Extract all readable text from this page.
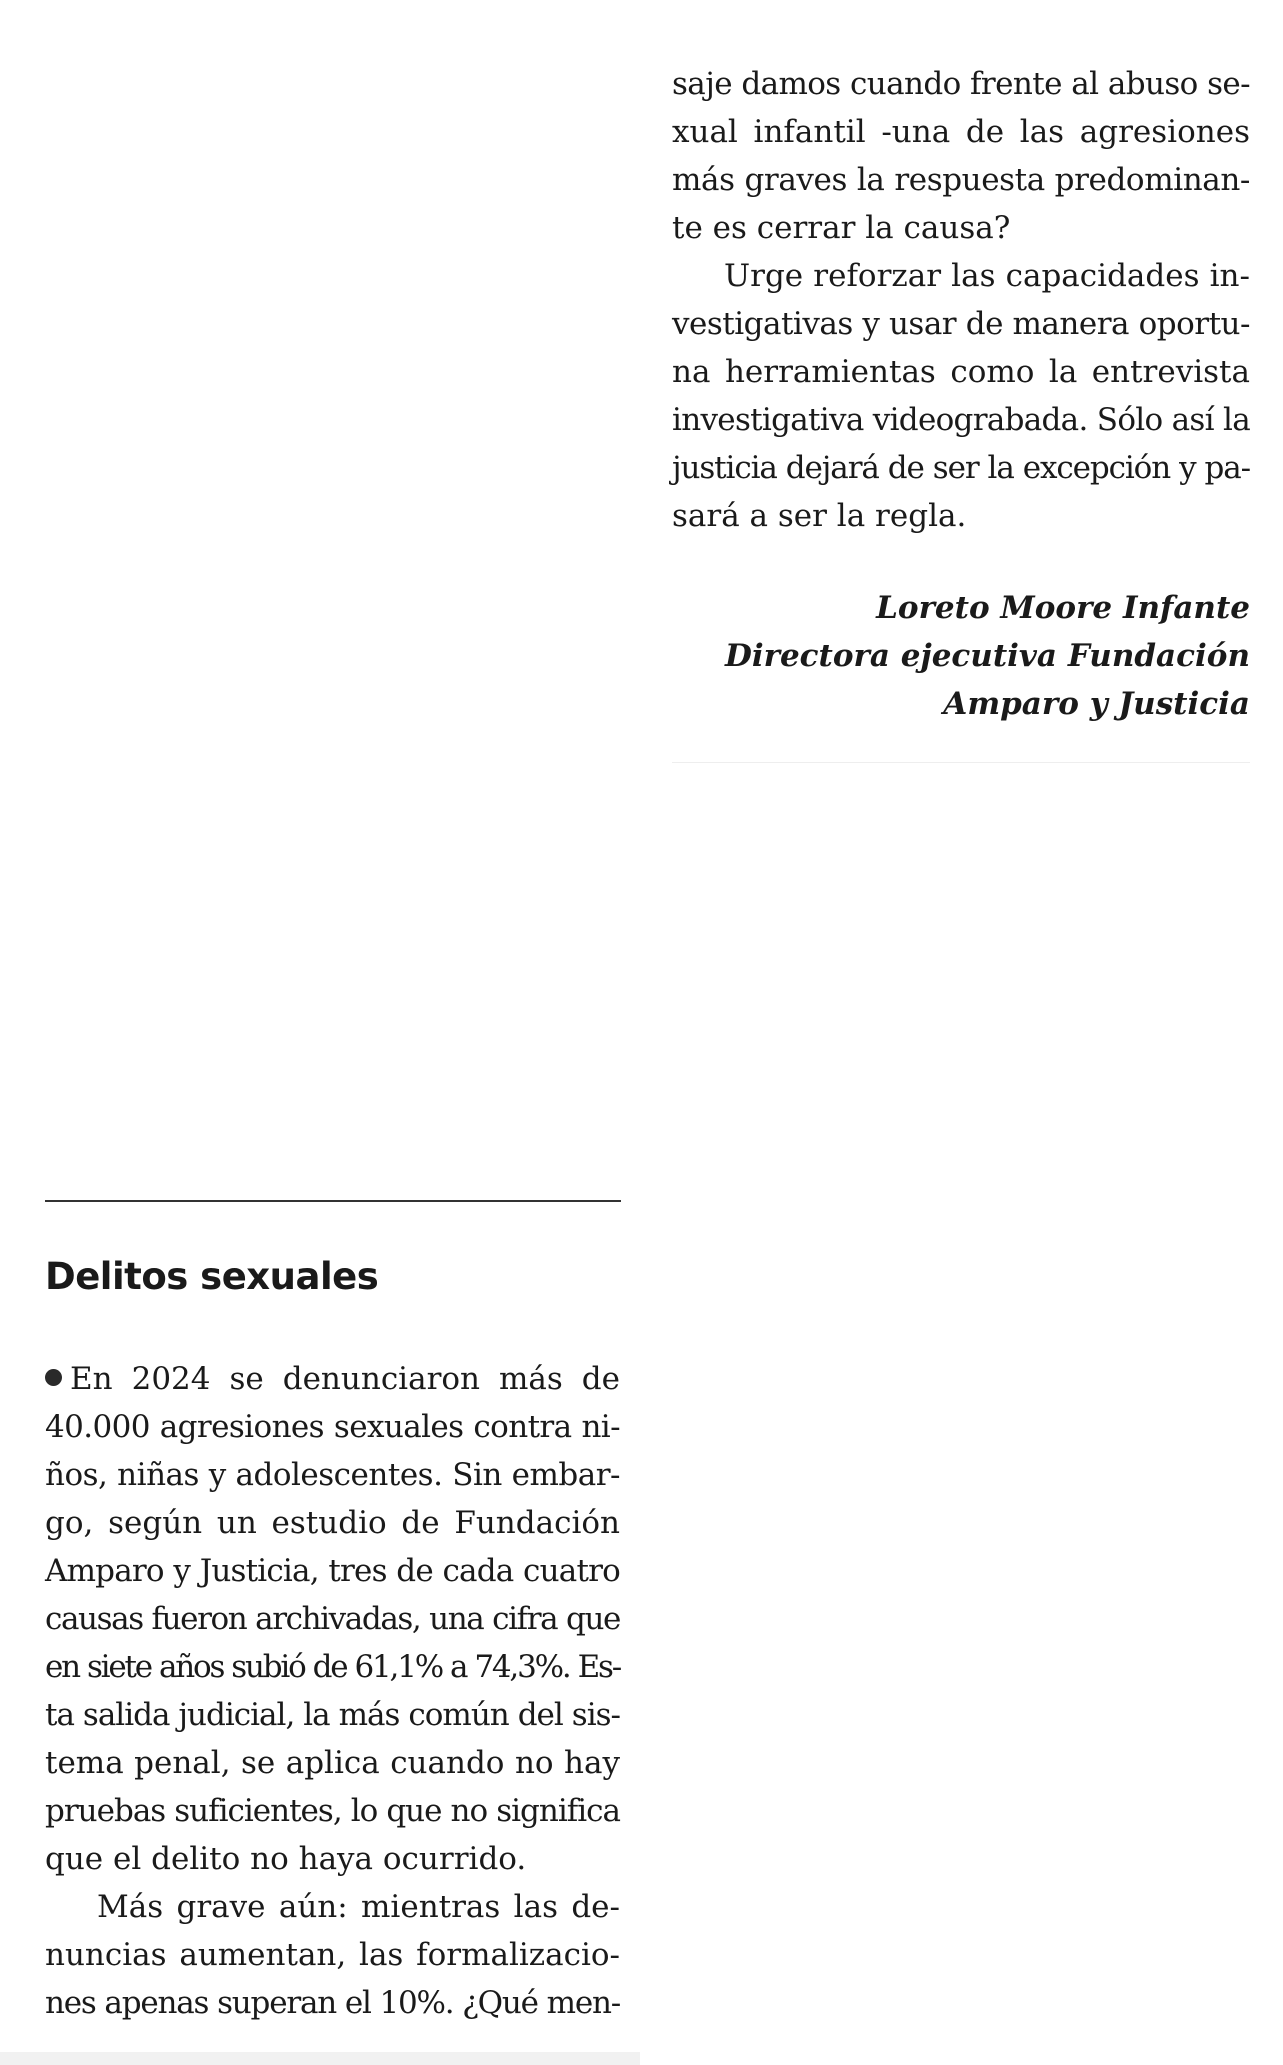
saje damos cuando frente al abuso se-
xual infantil -una de las agresiones
más graves la respuesta predominan-
te es cerrar la causa?
Urge reforzar las capacidades in-
vestigativas y usar de manera oportu-
na herramientas como la entrevista
investigativa videograbada. Sólo así la
justicia dejará de ser la excepción y pa-
sará a ser la regla.
Loreto Moore Infante
Directora ejecutiva Fundación
Amparo y Justicia
Delitos sexuales
En 2024 se denunciaron más de
40.000 agresiones sexuales contra ni-
ños, niñas y adolescentes. Sin embar-
go, según un estudio de Fundación
Amparo y Justicia, tres de cada cuatro
causas fueron archivadas, una cifra que
en siete años subió de 61,1% a 74,3%. Es-
ta salida judicial, la más común del sis-
tema penal, se aplica cuando no hay
pruebas suficientes, lo que no significa
que el delito no haya ocurrido.
Más grave aún: mientras las de-
nuncias aumentan, las formalizacio-
nes apenas superan el 10%. ¿Qué men-
